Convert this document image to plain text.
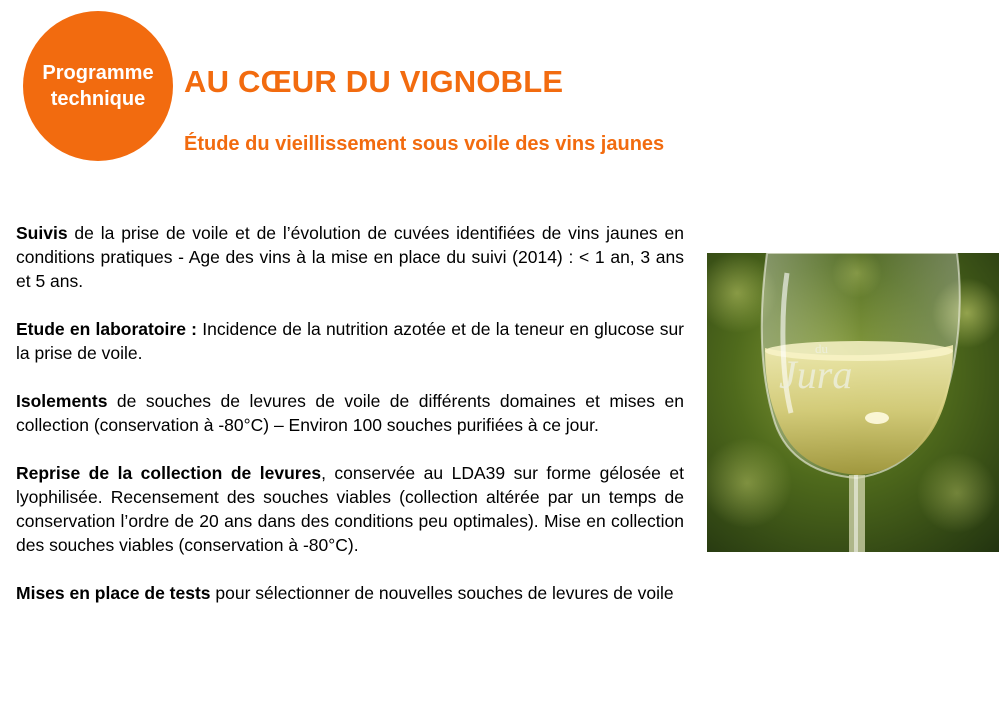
Programme
technique AU CŒUR DU VIGNOBLE
Étude du vieillissement sous voile des vins jaunes

Suivis de la prise de voile et de l’évolution de cuvées identifiées de vins jaunes en conditions pratiques - Age des vins à la mise en place du suivi (2014) : < 1 an, 3 ans et 5 ans.

Etude en laboratoire : Incidence de la nutrition azotée et de la teneur en glucose sur la prise de voile.

Isolements de souches de levures de voile de différents domaines et mises en collection (conservation à -80°C) – Environ 100 souches purifiées à ce jour.

Reprise de la collection de levures, conservée au LDA39 sur forme gélosée et lyophilisée. Recensement des souches viables (collection altérée par un temps de conservation l’ordre de 20 ans dans des conditions peu optimales). Mise en collection des souches viables (conservation à -80°C).

Mises en place de tests pour sélectionner de nouvelles souches de levures de voile

du
Jura
